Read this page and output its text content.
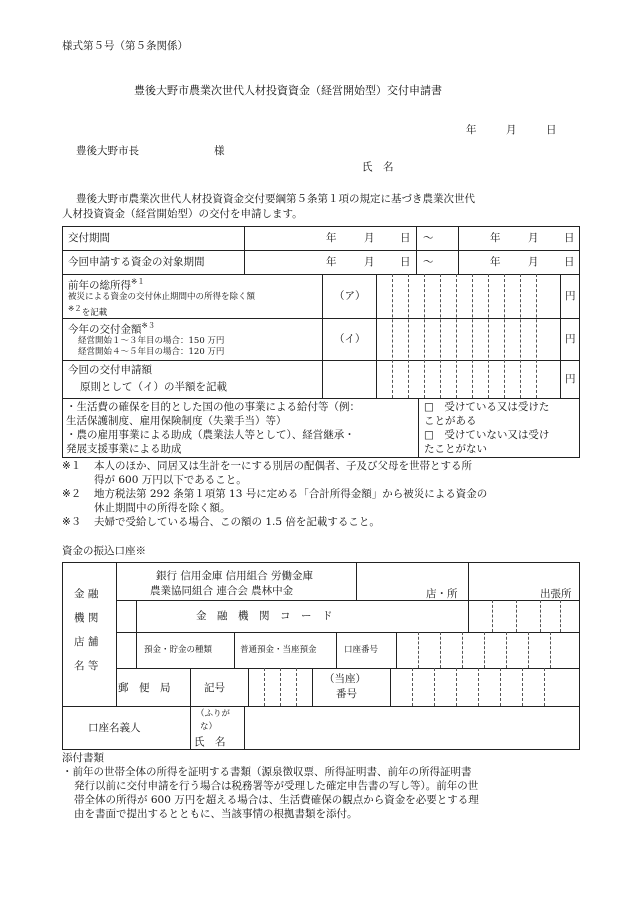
様式第５号（第５条関係）
豊後大野市農業次世代人材投資資金（経営開始型）交付申請書
年	月	日
豊後大野市長	様
氏　名
豊後大野市農業次世代人材投資資金交付要綱第５条第１項の規定に基づき農業次世代
人材投資資金（経営開始型）の交付を申請します。
交付期間	年	月 日 ～	年	月 日
今回申請する資金の対象期間	年	月 日 ～	年	月 日
前年の総所得$^{※1}$
被災による資金の交付休止期間中の所得を除く額
$^{※2}$を記載
（ア）	円
今年の交付金額$^{※3}$
経営開始１～３年目の場合：150 万円
経営開始４～５年目の場合：120 万円
（イ）	円
今回の交付申請額
原則として（イ）の半額を記載
円
・生活費の確保を目的とした国の他の事業による給付等（例：
生活保護制度、雇用保険制度（失業手当）等）
・農の雇用事業による助成（農業法人等として）、経営継承・
発展支援事業による助成
□　受けている又は受けた
ことがある
□　受けていない又は受け
たことがない
※１ 本人のほか、同居又は生計を一にする別居の配偶者、子及び父母を世帯とする所
得が 600 万円以下であること。
※２ 地方税法第 292 条第１項第 13 号に定める「合計所得金額」から被災による資金の
休止期間中の所得を除く額。
※３ 夫婦で受給している場合、この額の 1.5 倍を記載すること。
資金の振込口座※
金 融
機 関
店 舗
名 等
銀行 信用金庫 信用組合 労働金庫
農業協同組合 連合会 農林中金	店・所	出張所
金　融　機　関　コ　ー　ド
預金・貯金の種類	普通預金・当座預金	口座番号
郵　便　局	記号
（当座）
番号
口座名義人
（ふりが
な）
氏　名
添付書類
・前年の世帯全体の所得を証明する書類（源泉徴収票、所得証明書、前年の所得証明書
発行以前に交付申請を行う場合は税務署等が受理した確定申告書の写し等）。前年の世
帯全体の所得が 600 万円を超える場合は、生活費確保の観点から資金を必要とする理
由を書面で提出するとともに、当該事情の根拠書類を添付。
